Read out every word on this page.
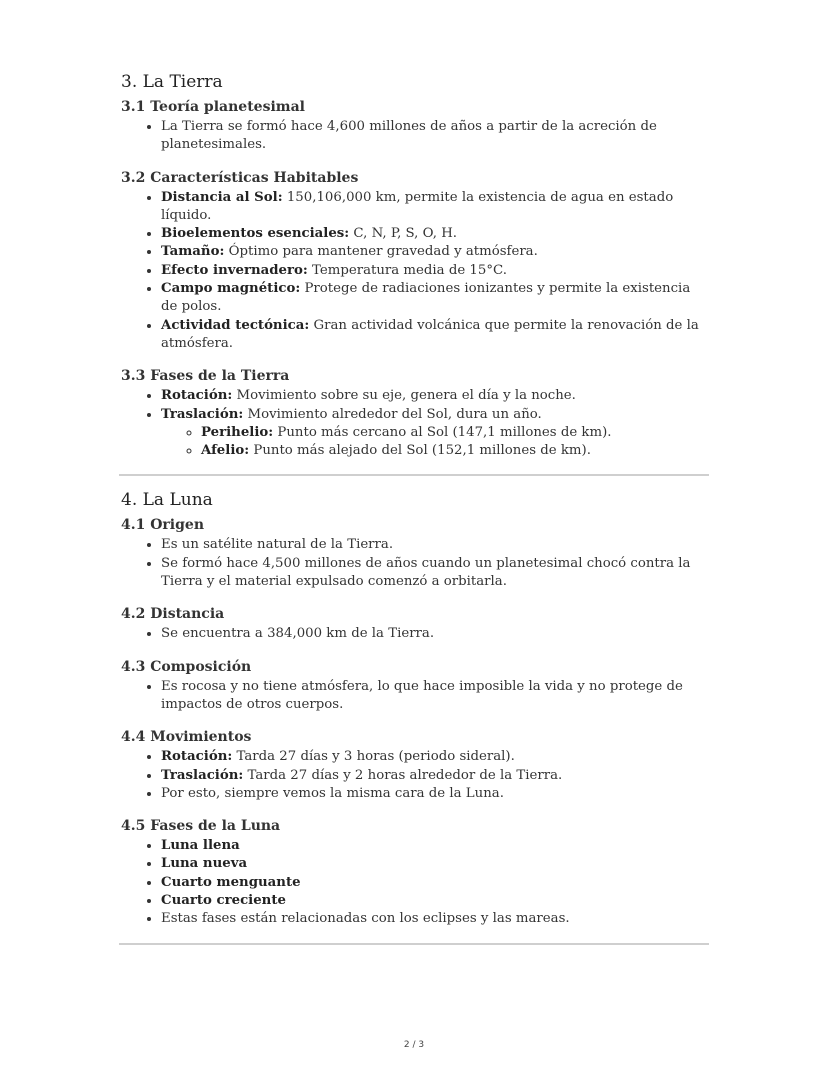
3. La Tierra
3.1 Teoría planetesimal
• La Tierra se formó hace 4,600 millones de años a partir de la acreción de planetesimales.
3.2 Características Habitables
• Distancia al Sol: 150,106,000 km, permite la existencia de agua en estado líquido.
• Bioelementos esenciales: C, N, P, S, O, H.
• Tamaño: Óptimo para mantener gravedad y atmósfera.
• Efecto invernadero: Temperatura media de 15°C.
• Campo magnético: Protege de radiaciones ionizantes y permite la existencia de polos.
• Actividad tectónica: Gran actividad volcánica que permite la renovación de la atmósfera.
3.3 Fases de la Tierra
• Rotación: Movimiento sobre su eje, genera el día y la noche.
• Traslación: Movimiento alrededor del Sol, dura un año.
◦ Perihelio: Punto más cercano al Sol (147,1 millones de km).
◦ Afelio: Punto más alejado del Sol (152,1 millones de km).
4. La Luna
4.1 Origen
• Es un satélite natural de la Tierra.
• Se formó hace 4,500 millones de años cuando un planetesimal chocó contra la Tierra y el material expulsado comenzó a orbitarla.
4.2 Distancia
• Se encuentra a 384,000 km de la Tierra.
4.3 Composición
• Es rocosa y no tiene atmósfera, lo que hace imposible la vida y no protege de impactos de otros cuerpos.
4.4 Movimientos
• Rotación: Tarda 27 días y 3 horas (periodo sideral).
• Traslación: Tarda 27 días y 2 horas alrededor de la Tierra.
• Por esto, siempre vemos la misma cara de la Luna.
4.5 Fases de la Luna
• Luna llena
• Luna nueva
• Cuarto menguante
• Cuarto creciente
• Estas fases están relacionadas con los eclipses y las mareas.
2 / 3
